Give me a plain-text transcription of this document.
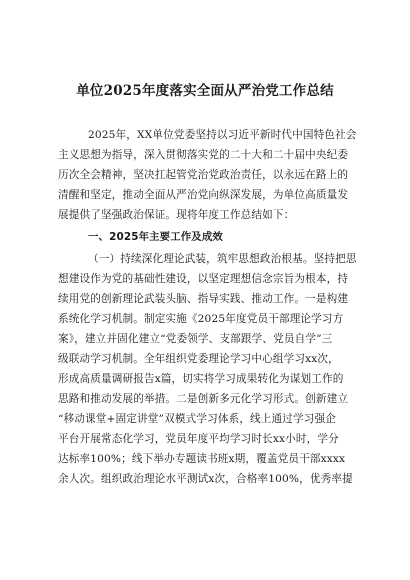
单位2025年度落实全面从严治党工作总结
2025年，XX单位党委坚持以习近平新时代中国特色社会
主义思想为指导，深入贯彻落实党的二十大和二十届中央纪委
历次全会精神，坚决扛起管党治党政治责任，以永远在路上的
清醒和坚定，推动全面从严治党向纵深发展，为单位高质量发
展提供了坚强政治保证。现将年度工作总结如下：
一、2025年主要工作及成效
（一）持续深化理论武装，筑牢思想政治根基。坚持把思
想建设作为党的基础性建设，以坚定理想信念宗旨为根本，持
续用党的创新理论武装头脑、指导实践、推动工作。一是构建
系统化学习机制。制定实施《2025年度党员干部理论学习方
案》，建立并固化建立“党委领学、支部跟学、党员自学”三
级联动学习机制。全年组织党委理论学习中心组学习xx次，
形成高质量调研报告x篇，切实将学习成果转化为谋划工作的
思路和推动发展的举措。二是创新多元化学习形式。创新建立
“移动课堂+固定讲堂”双模式学习体系，线上通过学习强企
平台开展常态化学习，党员年度平均学习时长xx小时，学分
达标率100%；线下举办专题读书班x期，覆盖党员干部xxxx
余人次。组织政治理论水平测试x次，合格率100%，优秀率提
